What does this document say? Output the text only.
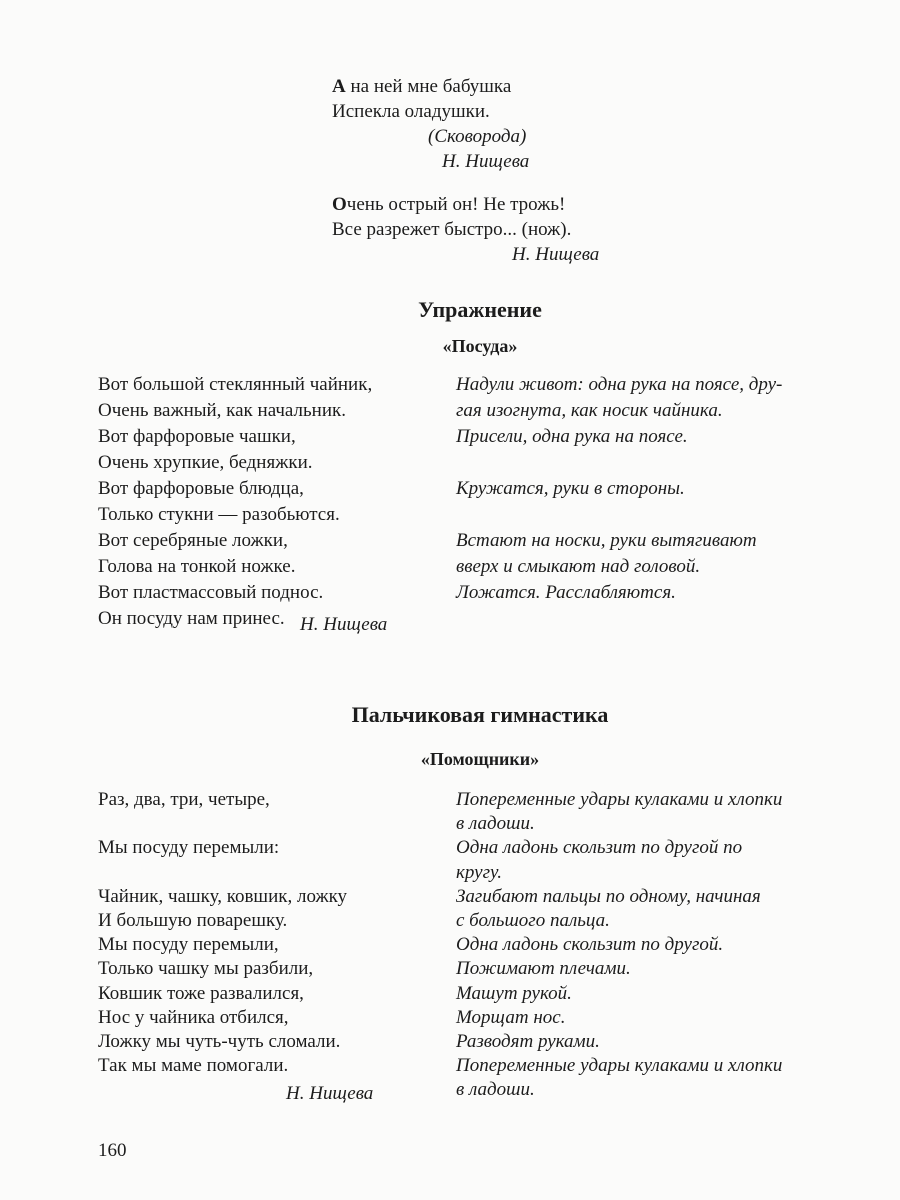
А на ней мне бабушка
Испекла оладушки.
(Сковорода)
Н. Нищева
Очень острый он! Не трожь!
Все разрежет быстро... (нож).
Н. Нищева
Упражнение
«Посуда»
Вот большой стеклянный чайник,	Надули живот: одна рука на поясе, дру-
Очень важный, как начальник.	гая изогнута, как носик чайника.
Вот фарфоровые чашки,	Присели, одна рука на поясе.
Очень хрупкие, бедняжки.
Вот фарфоровые блюдца,	Кружатся, руки в стороны.
Только стукни — разобьются.
Вот серебряные ложки,	Встают на носки, руки вытягивают
Голова на тонкой ножке.	вверх и смыкают над головой.
Вот пластмассовый поднос.	Ложатся. Расслабляются.
Он посуду нам принес. Н. Нищева
Пальчиковая гимнастика
«Помощники»
Раз, два, три, четыре,	Попеременные удары кулаками и хлопки
в ладоши.
Мы посуду перемыли:	Одна ладонь скользит по другой по
кругу.
Чайник, чашку, ковшик, ложку	Загибают пальцы по одному, начиная
И большую поварешку.	с большого пальца.
Мы посуду перемыли,	Одна ладонь скользит по другой.
Только чашку мы разбили,	Пожимают плечами.
Ковшик тоже развалился,	Машут рукой.
Нос у чайника отбился,	Морщат нос.
Ложку мы чуть-чуть сломали.	Разводят руками.
Так мы маме помогали.	Попеременные удары кулаками и хлопки
в ладоши.
Н. Нищева
160
